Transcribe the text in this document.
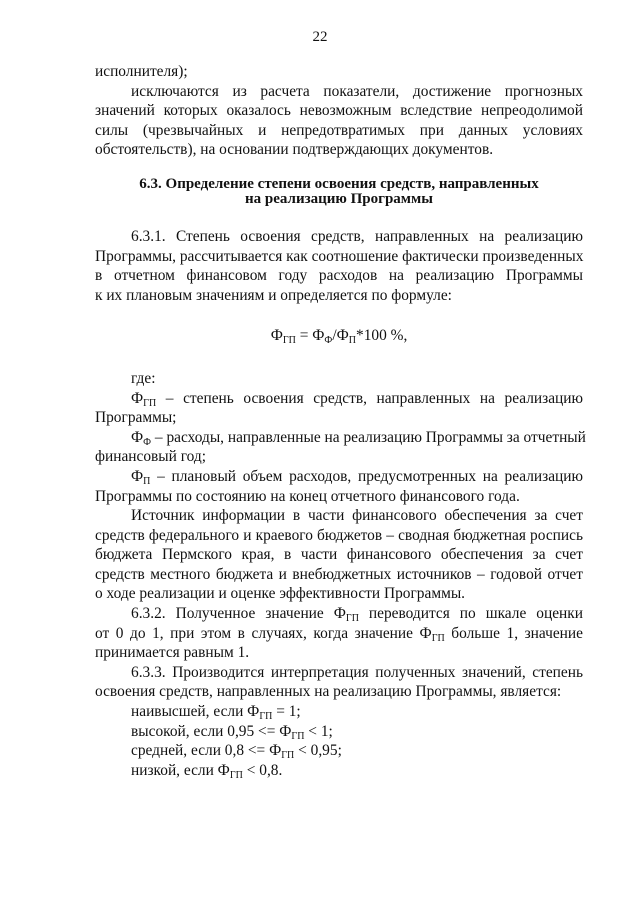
22

исполнителя);

исключаются из расчета показатели, достижение прогнозных

значений которых оказалось невозможным вследствие непреодолимой

силы (чрезвычайных и непредотвратимых при данных условиях

обстоятельств), на основании подтверждающих документов.

6.3. Определение степени освоения средств, направленных

на реализацию Программы

6.3.1. Степень освоения средств, направленных на реализацию

Программы, рассчитывается как соотношение фактически произведенных

в отчетном финансовом году расходов на реализацию Программы

к их плановым значениям и определяется по формуле:

$Ф_{ГП} = Ф_Ф/Ф_П*100$ %,

где:

$Ф_{ГП}$ – степень освоения средств, направленных на реализацию

Программы;

$Ф_Ф$ – расходы, направленные на реализацию Программы за отчетный

финансовый год;

$Ф_П$ – плановый объем расходов, предусмотренных на реализацию

Программы по состоянию на конец отчетного финансового года.

Источник информации в части финансового обеспечения за счет

средств федерального и краевого бюджетов – сводная бюджетная роспись

бюджета Пермского края, в части финансового обеспечения за счет

средств местного бюджета и внебюджетных источников – годовой отчет

о ходе реализации и оценке эффективности Программы.

6.3.2. Полученное значение $Ф_{ГП}$ переводится по шкале оценки

от 0 до 1, при этом в случаях, когда значение $Ф_{ГП}$ больше 1, значение

принимается равным 1.

6.3.3. Производится интерпретация полученных значений, степень

освоения средств, направленных на реализацию Программы, является:

наивысшей, если $Ф_{ГП} = 1$;

высокой, если $0,95 <= Ф_{ГП} < 1$;

средней, если $0,8 <= Ф_{ГП} < 0,95$;

низкой, если $Ф_{ГП} < 0,8$.
